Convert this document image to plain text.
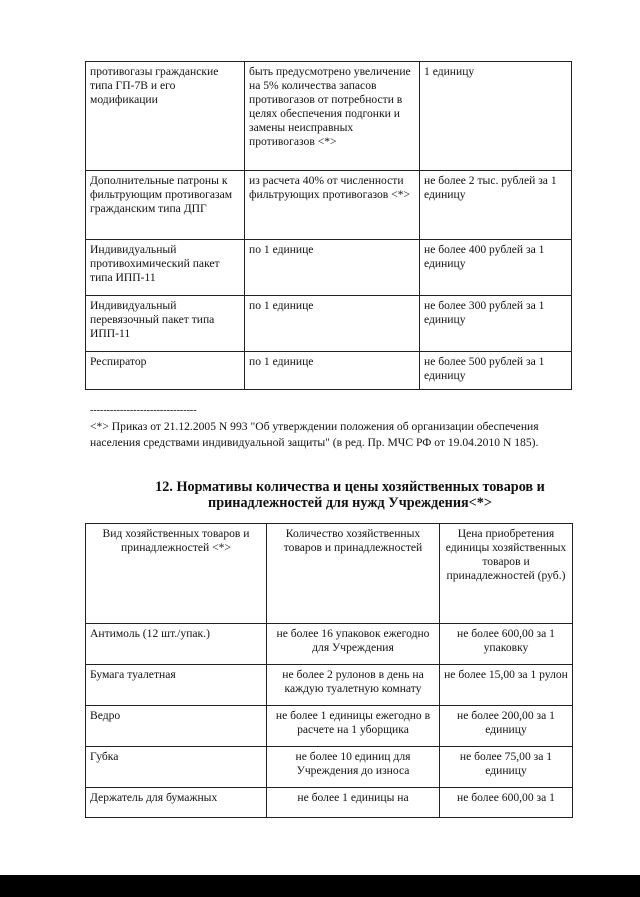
противогазы гражданские типа ГП-7В и его модификации	быть предусмотрено увеличение на 5% количества запасов противогазов от потребности в целях обеспечения подгонки и замены неисправных противогазов <*>	1 единицу
Дополнительные патроны к фильтрующим противогазам гражданским типа ДПГ	из расчета 40% от численности фильтрующих противогазов <*>	не более 2 тыс. рублей за 1 единицу
Индивидуальный противохимический пакет типа ИПП-11	по 1 единице	не более 400 рублей за 1 единицу
Индивидуальный перевязочный пакет типа ИПП-11	по 1 единице	не более 300 рублей за 1 единицу
Респиратор	по 1 единице	не более 500 рублей за 1 единицу
--------------------------------
<*> Приказ от 21.12.2005 N 993 "Об утверждении положения об организации обеспечения населения средствами индивидуальной защиты" (в ред. Пр. МЧС РФ от 19.04.2010 N 185).
12. Нормативы количества и цены хозяйственных товаров и принадлежностей для нужд Учреждения<*>
Вид хозяйственных товаров и принадлежностей <*>	Количество хозяйственных товаров и принадлежностей	Цена приобретения единицы хозяйственных товаров и принадлежностей (руб.)
Антимоль (12 шт./упак.)	не более 16 упаковок ежегодно для Учреждения	не более 600,00 за 1 упаковку
Бумага туалетная	не более 2 рулонов в день на каждую туалетную комнату	не более 15,00 за 1 рулон
Ведро	не более 1 единицы ежегодно в расчете на 1 уборщика	не более 200,00 за 1 единицу
Губка	не более 10 единиц для Учреждения до износа	не более 75,00 за 1 единицу
Держатель для бумажных	не более 1 единицы на	не более 600,00 за 1
